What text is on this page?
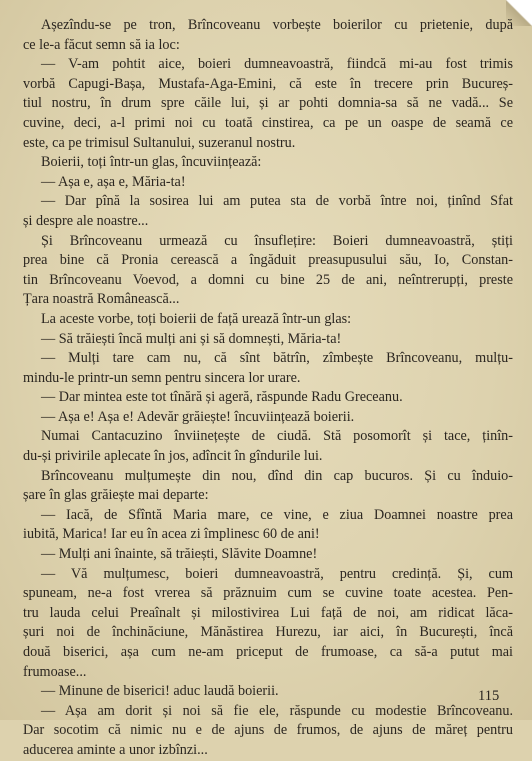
Așezîndu-se pe tron, Brîncoveanu vorbește boierilor cu prietenie, după
ce le-a făcut semn să ia loc:
— V-am pohtit aice, boieri dumneavoastră, fiindcă mi-au fost trimis
vorbă Capugi-Bașa, Mustafa-Aga-Emini, că este în trecere prin Bucureș-
tiul nostru, în drum spre căile lui, și ar pohti domnia-sa să ne vadă... Se
cuvine, deci, a-l primi noi cu toată cinstirea, ca pe un oaspe de seamă ce
este, ca pe trimisul Sultanului, suzeranul nostru.
Boierii, toți într-un glas, încuviințează:
— Așa e, așa e, Măria-ta!
— Dar pînă la sosirea lui am putea sta de vorbă între noi, ținînd Sfat
și despre ale noastre...
Și Brîncoveanu urmează cu însuflețire: Boieri dumneavoastră, știți
prea bine că Pronia cerească a îngăduit preasupusului său, Io, Constan-
tin Brîncoveanu Voevod, a domni cu bine 25 de ani, neîntrerupți, preste
Țara noastră Românească...
La aceste vorbe, toți boierii de față urează într-un glas:
— Să trăiești încă mulți ani și să domnești, Măria-ta!
— Mulți tare cam nu, că sînt bătrîn, zîmbește Brîncoveanu, mulțu-
mindu-le printr-un semn pentru sincera lor urare.
— Dar mintea este tot tînără și ageră, răspunde Radu Greceanu.
— Așa e! Așa e! Adevăr grăiește! încuviințează boierii.
Numai Cantacuzino înviinețește de ciudă. Stă posomorît și tace, ținîn-
du-și privirile aplecate în jos, adîncit în gîndurile lui.
Brîncoveanu mulțumește din nou, dînd din cap bucuros. Și cu înduio-
șare în glas grăiește mai departe:
— Iacă, de Sfîntă Maria mare, ce vine, e ziua Doamnei noastre prea
iubită, Marica! Iar eu în acea zi împlinesc 60 de ani!
— Mulți ani înainte, să trăiești, Slăvite Doamne!
— Vă mulțumesc, boieri dumneavoastră, pentru credință. Și, cum
spuneam, ne-a fost vrerea să prăznuim cum se cuvine toate acestea. Pen-
tru lauda celui Preaînalt și milostivirea Lui față de noi, am ridicat lăca-
șuri noi de închinăciune, Mănăstirea Hurezu, iar aici, în București, încă
două biserici, așa cum ne-am priceput de frumoase, ca să-a putut mai
frumoase...
— Minune de biserici! aduc laudă boierii.
— Așa am dorit și noi să fie ele, răspunde cu modestie Brîncoveanu.
Dar socotim că nimic nu e de ajuns de frumos, de ajuns de măreț pentru
aducerea aminte a unor izbînzi...
115
